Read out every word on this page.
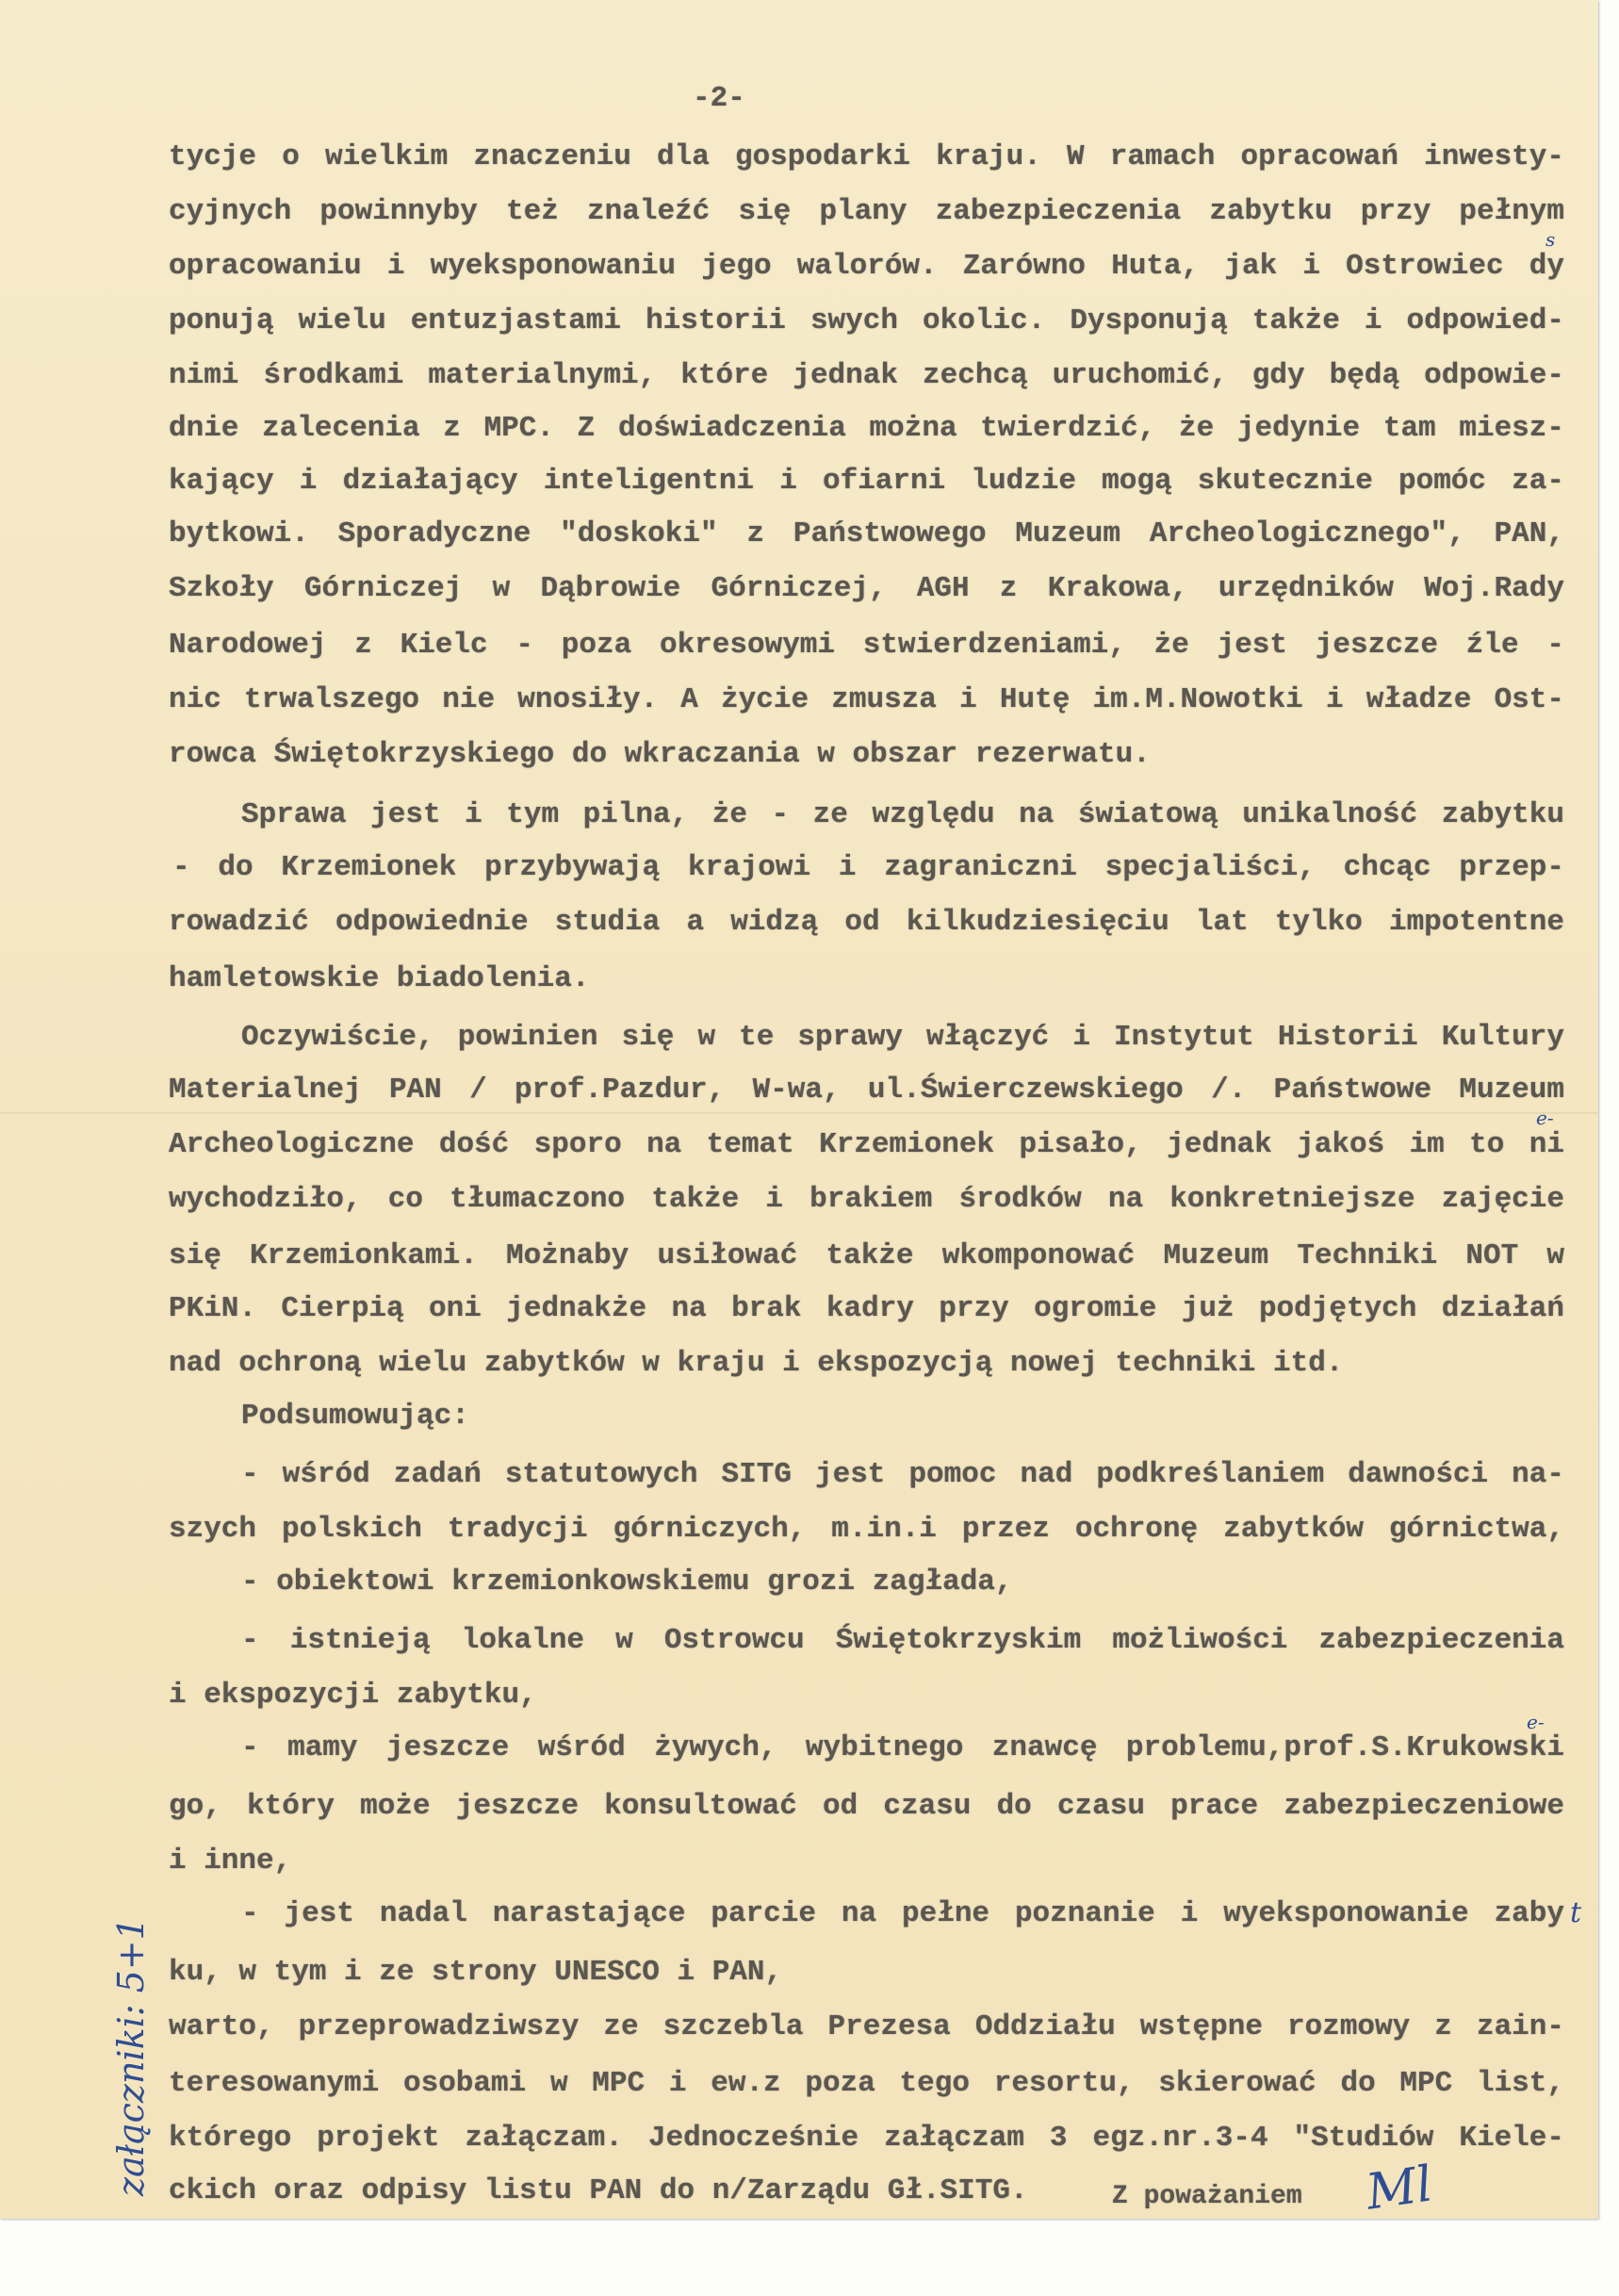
-2-
tycje o wielkim znaczeniu dla gospodarki kraju. W ramach opracowań inwesty-
cyjnych powinnyby też znaleźć się plany zabezpieczenia zabytku przy pełnym
opracowaniu i wyeksponowaniu jego walorów. Zarówno Huta, jak i Ostrowiec dy
ponują wielu entuzjastami historii swych okolic. Dysponują także i odpowied-
nimi środkami materialnymi, które jednak zechcą uruchomić, gdy będą odpowie-
dnie zalecenia z MPC. Z doświadczenia można twierdzić, że jedynie tam miesz-
kający i działający inteligentni i ofiarni ludzie mogą skutecznie pomóc za-
bytkowi. Sporadyczne "doskoki" z Państwowego Muzeum Archeologicznego", PAN,
Szkoły Górniczej w Dąbrowie Górniczej, AGH z Krakowa, urzędników Woj.Rady
Narodowej z Kielc - poza okresowymi stwierdzeniami, że jest jeszcze źle -
nic trwalszego nie wnosiły. A życie zmusza i Hutę im.M.Nowotki i władze Ost-
rowca Świętokrzyskiego do wkraczania w obszar rezerwatu.
Sprawa jest i tym pilna, że - ze względu na światową unikalność zabytku
- do Krzemionek przybywają krajowi i zagraniczni specjaliści, chcąc przep-
rowadzić odpowiednie studia a widzą od kilkudziesięciu lat tylko impotentne
hamletowskie biadolenia.
Oczywiście, powinien się w te sprawy włączyć i Instytut Historii Kultury
Materialnej PAN / prof.Pazdur, W-wa, ul.Świerczewskiego /. Państwowe Muzeum
Archeologiczne dość sporo na temat Krzemionek pisało, jednak jakoś im to ni
wychodziło, co tłumaczono także i brakiem środków na konkretniejsze zajęcie
się Krzemionkami. Możnaby usiłować także wkomponować Muzeum Techniki NOT w
PKiN. Cierpią oni jednakże na brak kadry przy ogromie już podjętych działań
nad ochroną wielu zabytków w kraju i ekspozycją nowej techniki itd.
Podsumowując:
- wśród zadań statutowych SITG jest pomoc nad podkreślaniem dawności na-
szych polskich tradycji górniczych, m.in.i przez ochronę zabytków górnictwa,
- obiektowi krzemionkowskiemu grozi zagłada,
- istnieją lokalne w Ostrowcu Świętokrzyskim możliwości zabezpieczenia
i ekspozycji zabytku,
- mamy jeszcze wśród żywych, wybitnego znawcę problemu,prof.S.Krukowski
go, który może jeszcze konsultować od czasu do czasu prace zabezpieczeniowe
i inne,
- jest nadal narastające parcie na pełne poznanie i wyeksponowanie zaby
ku, w tym i ze strony UNESCO i PAN,
warto, przeprowadziwszy ze szczebla Prezesa Oddziału wstępne rozmowy z zain-
teresowanymi osobami w MPC i ew.z poza tego resortu, skierować do MPC list,
którego projekt załączam. Jednocześnie załączam 3 egz.nr.3-4 "Studiów Kiele-
ckich oraz odpisy listu PAN do n/Zarządu Gł.SITG.	Z poważaniem
s
e-
e-
t
załączniki: 5+1	Ml
